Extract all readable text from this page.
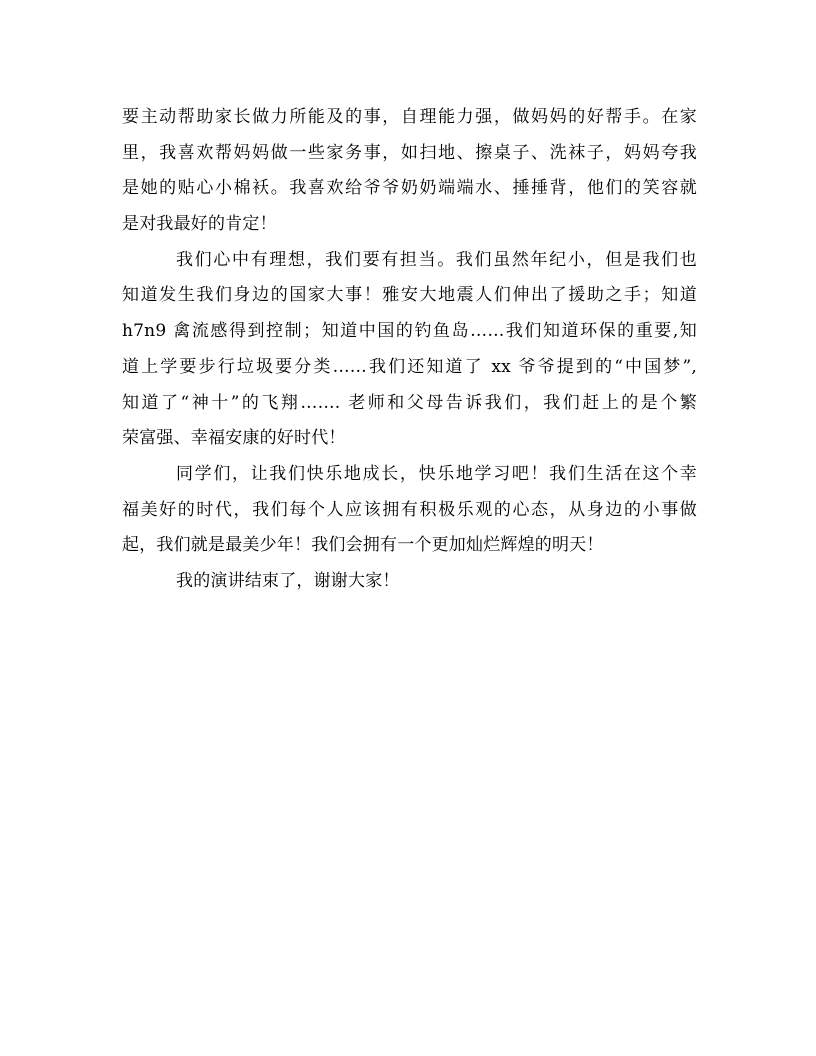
要主动帮助家长做力所能及的事，自理能力强，做妈妈的好帮手。在家
里，我喜欢帮妈妈做一些家务事，如扫地、擦桌子、洗袜子，妈妈夸我
是她的贴心小棉袄。我喜欢给爷爷奶奶端端水、捶捶背，他们的笑容就
是对我最好的肯定！
我们心中有理想，我们要有担当。我们虽然年纪小，但是我们也
知道发生我们身边的国家大事！雅安大地震人们伸出了援助之手；知道
h7n9 禽流感得到控制；知道中国的钓鱼岛……我们知道环保的重要,知
道上学要步行垃圾要分类……我们还知道了 xx 爷爷提到的“中国梦”,
知道了“神十”的飞翔……. 老师和父母告诉我们，我们赶上的是个繁
荣富强、幸福安康的好时代！
同学们，让我们快乐地成长，快乐地学习吧！我们生活在这个幸
福美好的时代，我们每个人应该拥有积极乐观的心态，从身边的小事做
起，我们就是最美少年！我们会拥有一个更加灿烂辉煌的明天！
我的演讲结束了，谢谢大家！
